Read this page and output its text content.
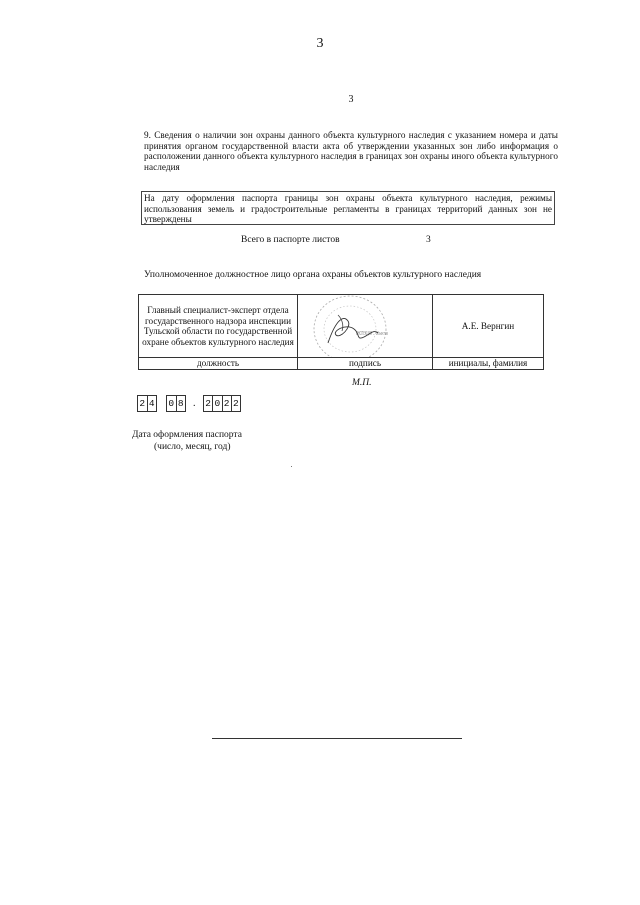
3
3
9. Сведения о наличии зон охраны данного объекта культурного наследия с указанием номера и даты принятия органом государственной власти акта об утверждении указанных зон либо информация о расположении данного объекта культурного наследия в границах зон охраны иного объекта культурного наследия
На дату оформления паспорта границы зон охраны объекта культурного наследия, режимы использования земель и градостроительные регламенты в границах территорий данных зон не утверждены
Всего в паспорте листов	3
Уполномоченное должностное лицо органа охраны объектов культурного наследия
Главный специалист-эксперт отдела государственного надзора инспекции Тульской области по государственной охране объектов культурного наследия	ИНСПЕКЦИЯ ... объектов	А.Е. Вернгин
должность	подпись	инициалы, фамилия
М.П.
2 4 0 8 2 0 2 2
.
Дата оформления паспорта
(число, месяц, год)
